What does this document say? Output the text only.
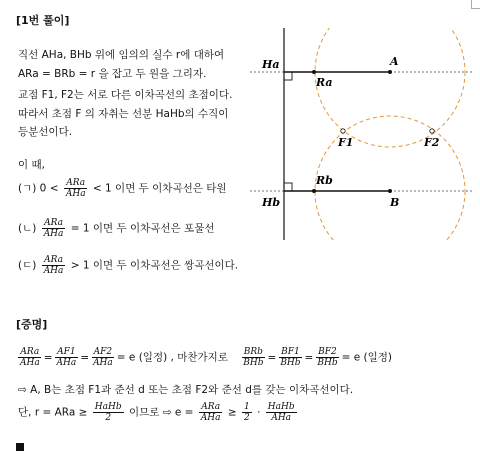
[1번 풀이]
직선 AHa, BHb 위에 임의의 실수 r에 대하여
ARa = BRb = r 을 잡고 두 원을 그리자.
교점 F1, F2는 서로 다른 이차곡선의 초점이다.
따라서 초점 F 의 자취는 선분 HaHb의 수직이
등분선이다.
이 때,
(ㄱ) $0 < \frac{\text{ARa}}{\text{AHa}} < 1$ 이면 두 이차곡선은 타원
(ㄴ) $\frac{\text{ARa}}{\text{AHa}} = 1$ 이면 두 이차곡선은 포물선
(ㄷ) $\frac{\text{ARa}}{\text{AHa}} > 1$ 이면 두 이차곡선은 쌍곡선이다.
Ha	A
Ra
F1	F2
Rb
Hb	B
[증명]
$\frac{\text{ARa}}{\text{AHa}} = \frac{AF1}{\text{AHa}} = \frac{AF2}{\text{AHa}} = e$ (일정) , 마찬가지로 $\frac{\text{BRb}}{\text{BHb}} = \frac{BF1}{\text{BHb}} = \frac{BF2}{\text{BHb}} = e$ (일정)
⇨ A, B는 초점 F1과 준선 d 또는 초점 F2와 준선 d를 갖는 이차곡선이다.
단, r = ARa ≥ $\frac{\text{HaHb}}{2}$ 이므로 ⇨ $e = \frac{\text{ARa}}{\text{AHa}} \ge \frac{1}{2} \cdot \frac{\text{HaHb}}{\text{AHa}}$
